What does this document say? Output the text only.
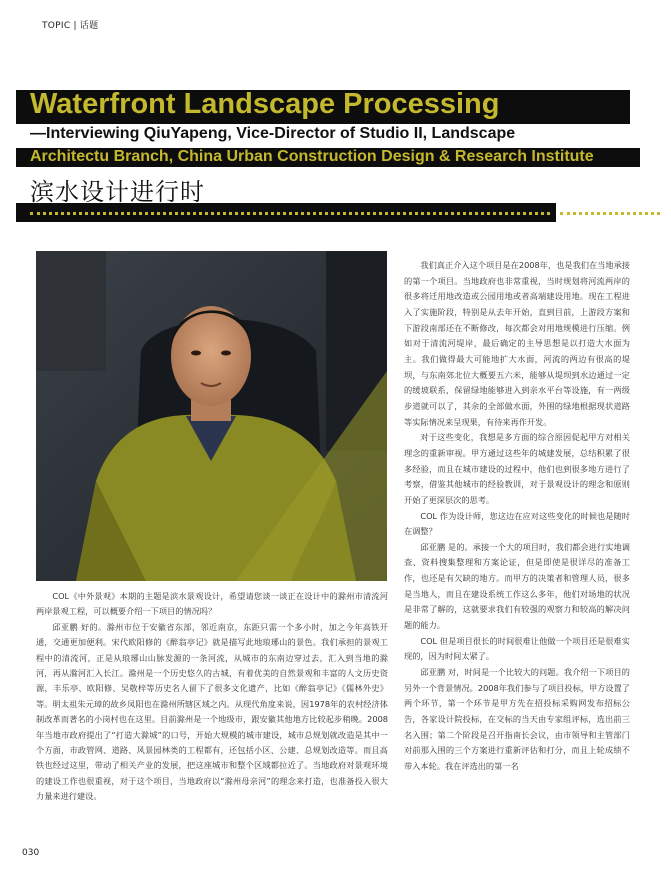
TOPIC | 话题
Waterfront Landscape Processing
—Interviewing QiuYapeng, Vice-Director of Studio II, Landscape
Architectu Branch, China Urban Construction Design & Research Institute
滨水设计进行时

我们真正介入这个项目是在2008年，也是我们在当地承接的第一个项目。当地政府也非常重视，当时规划将河流两岸的很多将迁用地改造或公园用地或者高端建设用地。现在工程进入了实施阶段，特别是从去年开始，直到目前，上游段方案和下游段南部还在不断修改，每次都会对用地规模进行压缩。例如对于清流河堤岸，最后确定的主导思想是以打造大水面为主。我们做得最大可能地扩大水面，河流的两边有很高的堤坝，与东南郊北位大概要五六米，能够从堤坝到水边通过一定的缓坡联系，保留绿地能够进入到亲水平台等设施，有一两级步道就可以了，其余的全部做水面，外围的绿地根据现状道路等实际情况来呈现果，有待来再作开发。

对于这些变化，我想是多方面的综合原因促起甲方对相关理念的重新审视。甲方通过这些年的城建发展，总结积累了很多经验，而且在城市建设的过程中，他们也到很多地方进行了考察，借鉴其他城市的经验教训，对于景观设计的理念和原则开始了更深层次的思考。

COL 作为设计师，您这边在应对这些变化的时候也是随时在调整？

邱亚鹏 是的。承接一个大的项目时，我们都会进行实地调查、资料搜集整理和方案论证，但是即使是很详尽的准备工作，也还是有欠缺的地方。而甲方的决策者和管理人员，很多是当地人，而且在建设系统工作这么多年，他们对场地的状况是非常了解的，这就要求我们有较强的观察力和较高的解决问题的能力。

COL 但是项目很长的时间很难让他做一个项目还是很难实现的，因为时间太紧了。

邱亚鹏 对，时间是一个比较大的问题。我介绍一下项目的另外一个背景情况。2008年我们参与了项目投标，甲方设置了两个环节，第一个环节是甲方先在招投标采购网发布招标公告，各家设计院投标，在交标的当天由专家组评标，选出前三名入围；第二个阶段是召开指南长会议，由市领导和主管部门对前那入围的三个方案进行重新评估和打分，而且上轮成绩不带入本轮。我在评选出的第一名

COL《中外景观》本期的主题是滨水景观设计，希望请您谈一谈正在设计中的滁州市清流河两岸景观工程，可以概要介绍一下项目的情况吗？

邱亚鹏 好的。滁州市位于安徽省东部，邻近南京，东距只需一个多小时，加之今年高铁开通，交通更加便利。宋代欧阳修的《醉翁亭记》就是描写此地琅琊山的景色。我们承担的景观工程中的清流河，正是从琅琊山山脉发源的一条河流，从城市的东南边穿过去，汇入到当地的滁河，再从滁河汇入长江。滁州是一个历史悠久的古城，有着优美的自然景观和丰富的人文历史资源，丰乐亭、欧阳修、吴敬梓等历史名人留下了很多文化遗产，比如《醉翁亭记》《儒林外史》等。明太祖朱元璋的故乡凤阳也在滁州所辖区域之内。从现代角度来说，因1978年的农村经济体制改革而著名的小岗村也在这里。目前滁州是一个地级市，跟安徽其他地方比较起步稍晚。2008年当地市政府提出了“打造大滁城”的口号，开始大规模的城市建设，城市总规划就改造是其中一个方面，市政管网、道路、风景园林类的工程都有，还包括小区、公建、总规划改造等。而且高铁也经过这里，带动了相关产业的发展，把这座城市和整个区域都拉近了。当地政府对景观环境的建设工作也很重视，对于这个项目，当地政府以“滁州母亲河”的理念来打造，也准备投入很大力量来进行建设。

030
